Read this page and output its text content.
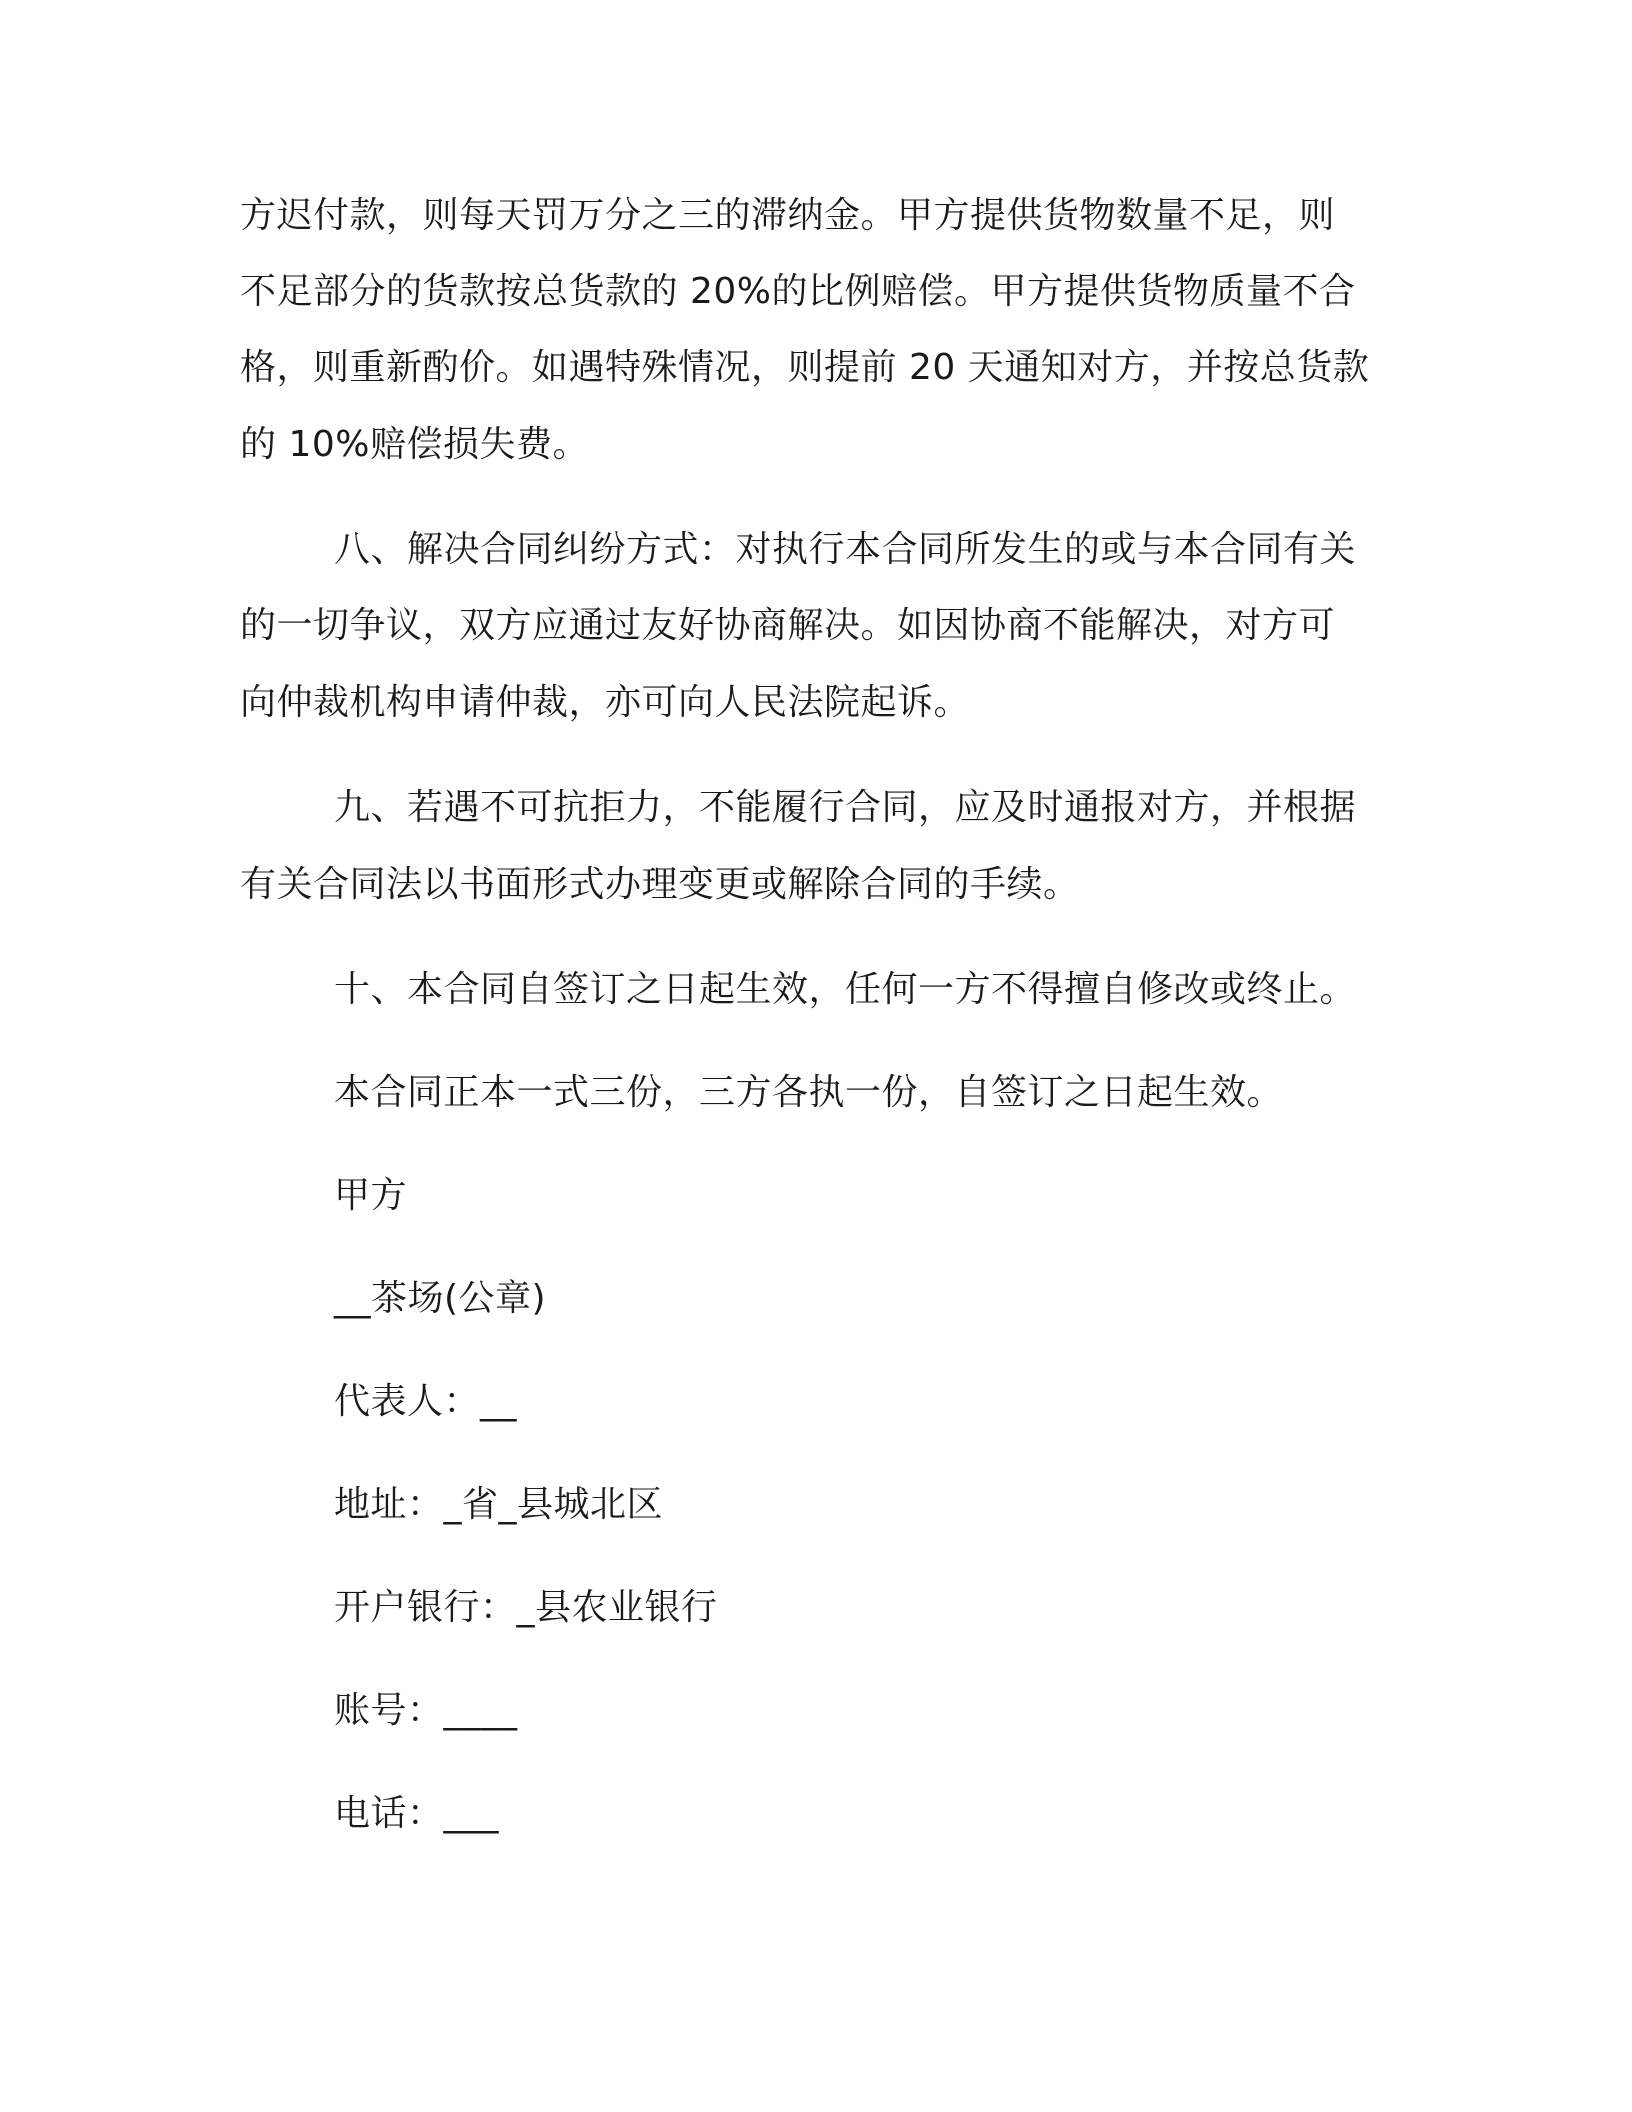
方迟付款，则每天罚万分之三的滞纳金。甲方提供货物数量不足，则
不足部分的货款按总货款的 20%的比例赔偿。甲方提供货物质量不合
格，则重新酌价。如遇特殊情况，则提前 20 天通知对方，并按总货款
的 10%赔偿损失费。
八、解决合同纠纷方式：对执行本合同所发生的或与本合同有关
的一切争议，双方应通过友好协商解决。如因协商不能解决，对方可
向仲裁机构申请仲裁，亦可向人民法院起诉。
九、若遇不可抗拒力，不能履行合同，应及时通报对方，并根据
有关合同法以书面形式办理变更或解除合同的手续。
十、本合同自签订之日起生效，任何一方不得擅自修改或终止。
本合同正本一式三份，三方各执一份，自签订之日起生效。
甲方
__茶场(公章)
代表人：__
地址：_省_县城北区
开户银行：_县农业银行
账号：____
电话：___
